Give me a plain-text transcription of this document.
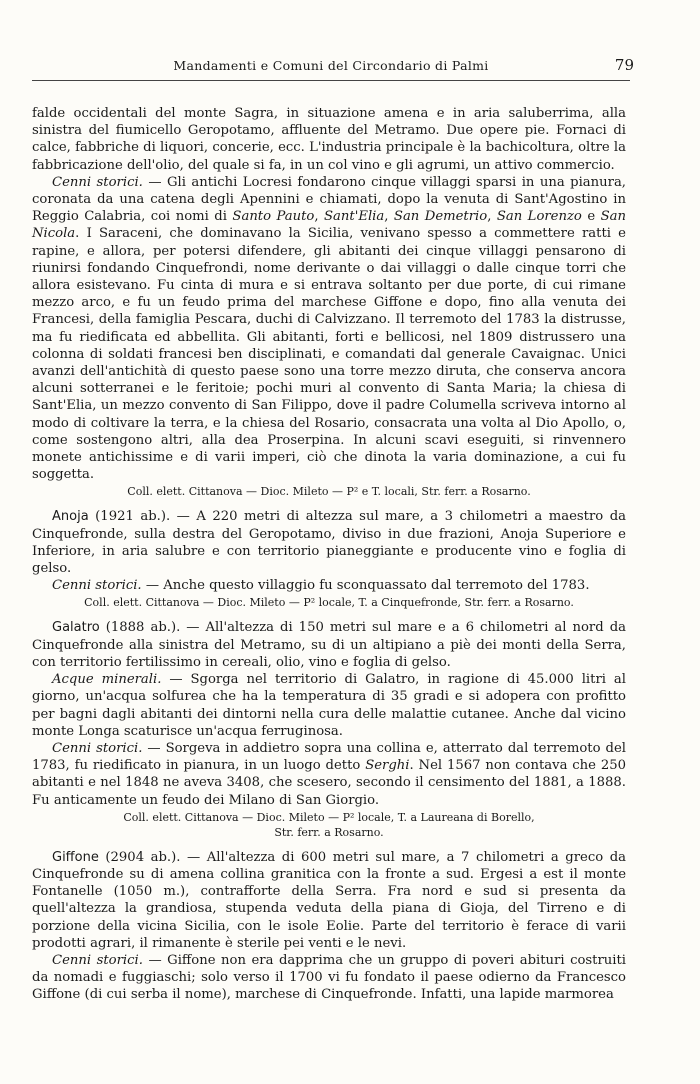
Mandamenti e Comuni del Circondario di Palmi	79

falde occidentali del monte Sagra, in situazione amena e in aria saluberrima, alla sinistra del fiumicello Geropotamo, affluente del Metramo. Due opere pie. Fornaci di calce, fabbriche di liquori, concerie, ecc. L'industria principale è la bachicoltura, oltre la fabbricazione dell'olio, del quale si fa, in un col vino e gli agrumi, un attivo commercio.

Cenni storici. — Gli antichi Locresi fondarono cinque villaggi sparsi in una pianura, coronata da una catena degli Apennini e chiamati, dopo la venuta di Sant'Agostino in Reggio Calabria, coi nomi di Santo Pauto, Sant'Elia, San Demetrio, San Lorenzo e San Nicola. I Saraceni, che dominavano la Sicilia, venivano spesso a commettere ratti e rapine, e allora, per potersi difendere, gli abitanti dei cinque villaggi pensarono di riunirsi fondando Cinquefrondi, nome derivante o dai villaggi o dalle cinque torri che allora esistevano. Fu cinta di mura e si entrava soltanto per due porte, di cui rimane mezzo arco, e fu un feudo prima del marchese Giffone e dopo, fino alla venuta dei Francesi, della famiglia Pescara, duchi di Calvizzano. Il terremoto del 1783 la distrusse, ma fu riedificata ed abbellita. Gli abitanti, forti e bellicosi, nel 1809 distrussero una colonna di soldati francesi ben disciplinati, e comandati dal generale Cavaignac. Unici avanzi dell'antichità di questo paese sono una torre mezzo diruta, che conserva ancora alcuni sotterranei e le feritoie; pochi muri al convento di Santa Maria; la chiesa di Sant'Elia, un mezzo convento di San Filippo, dove il padre Columella scriveva intorno al modo di coltivare la terra, e la chiesa del Rosario, consacrata una volta al Dio Apollo, o, come sostengono altri, alla dea Proserpina. In alcuni scavi eseguiti, si rinvennero monete antichissime e di varii imperi, ciò che dinota la varia dominazione, a cui fu soggetta.

Coll. elett. Cittanova — Dioc. Mileto — P² e T. locali, Str. ferr. a Rosarno.

Anoja (1921 ab.). — A 220 metri di altezza sul mare, a 3 chilometri a maestro da Cinquefronde, sulla destra del Geropotamo, diviso in due frazioni, Anoja Superiore e Inferiore, in aria salubre e con territorio pianeggiante e producente vino e foglia di gelso.

Cenni storici. — Anche questo villaggio fu sconquassato dal terremoto del 1783.

Coll. elett. Cittanova — Dioc. Mileto — P² locale, T. a Cinquefronde, Str. ferr. a Rosarno.

Galatro (1888 ab.). — All'altezza di 150 metri sul mare e a 6 chilometri al nord da Cinquefronde alla sinistra del Metramo, su di un altipiano a piè dei monti della Serra, con territorio fertilissimo in cereali, olio, vino e foglia di gelso.

Acque minerali. — Sgorga nel territorio di Galatro, in ragione di 45.000 litri al giorno, un'acqua solfurea che ha la temperatura di 35 gradi e si adopera con profitto per bagni dagli abitanti dei dintorni nella cura delle malattie cutanee. Anche dal vicino monte Longa scaturisce un'acqua ferruginosa.

Cenni storici. — Sorgeva in addietro sopra una collina e, atterrato dal terremoto del 1783, fu riedificato in pianura, in un luogo detto Serghi. Nel 1567 non contava che 250 abitanti e nel 1848 ne aveva 3408, che scesero, secondo il censimento del 1881, a 1888. Fu anticamente un feudo dei Milano di San Giorgio.

Coll. elett. Cittanova — Dioc. Mileto — P² locale, T. a Laureana di Borello,
Str. ferr. a Rosarno.

Giffone (2904 ab.). — All'altezza di 600 metri sul mare, a 7 chilometri a greco da Cinquefronde su di amena collina granitica con la fronte a sud. Ergesi a est il monte Fontanelle (1050 m.), contrafforte della Serra. Fra nord e sud si presenta da quell'altezza la grandiosa, stupenda veduta della piana di Gioja, del Tirreno e di porzione della vicina Sicilia, con le isole Eolie. Parte del territorio è ferace di varii prodotti agrari, il rimanente è sterile pei venti e le nevi.

Cenni storici. — Giffone non era dapprima che un gruppo di poveri abituri costruiti da nomadi e fuggiaschi; solo verso il 1700 vi fu fondato il paese odierno da Francesco Giffone (di cui serba il nome), marchese di Cinquefronde. Infatti, una lapide marmorea
